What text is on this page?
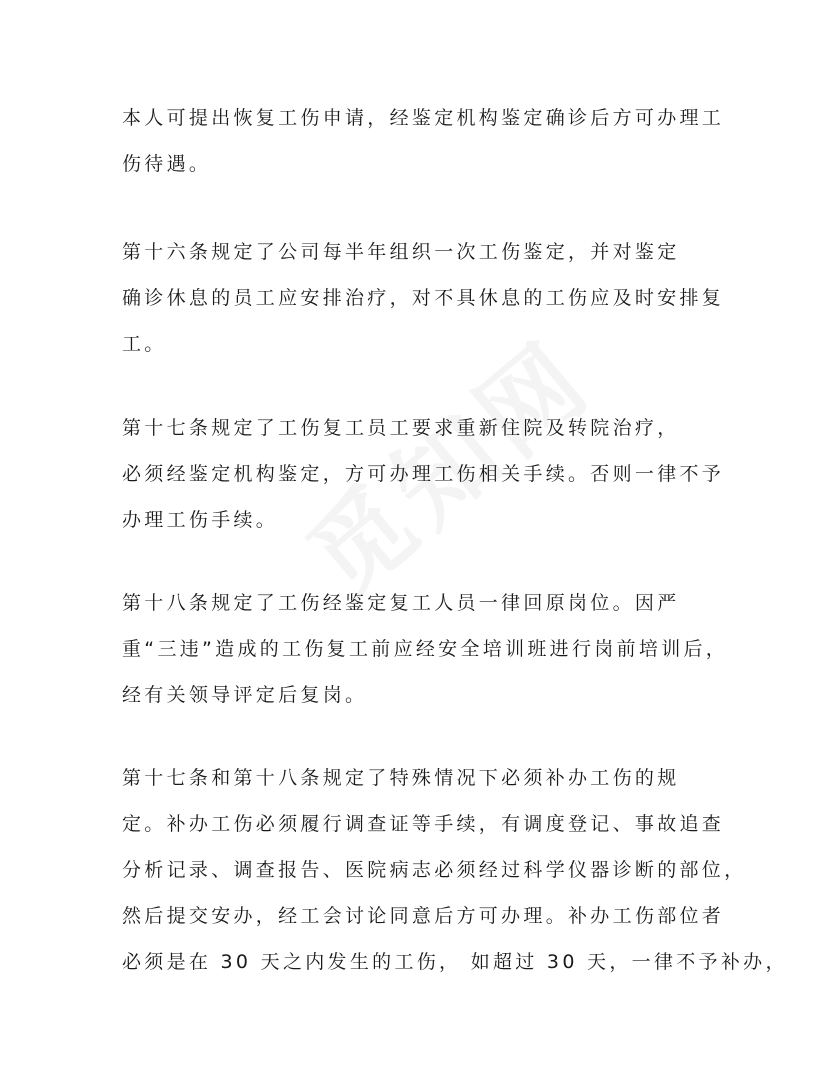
本人可提出恢复工伤申请，经鉴定机构鉴定确诊后方可办理工
伤待遇。
第十六条规定了公司每半年组织一次工伤鉴定，并对鉴定
确诊休息的员工应安排治疗，对不具休息的工伤应及时安排复
工。
第十七条规定了工伤复工员工要求重新住院及转院治疗，
必须经鉴定机构鉴定，方可办理工伤相关手续。否则一律不予
办理工伤手续。
第十八条规定了工伤经鉴定复工人员一律回原岗位。因严
重“三违”造成的工伤复工前应经安全培训班进行岗前培训后，
经有关领导评定后复岗。
第十七条和第十八条规定了特殊情况下必须补办工伤的规
定。补办工伤必须履行调查证等手续，有调度登记、事故追查
分析记录、调查报告、医院病志必须经过科学仪器诊断的部位，
然后提交安办，经工会讨论同意后方可办理。补办工伤部位者
必须是在 30 天之内发生的工伤， 如超过 30 天，一律不予补办，
